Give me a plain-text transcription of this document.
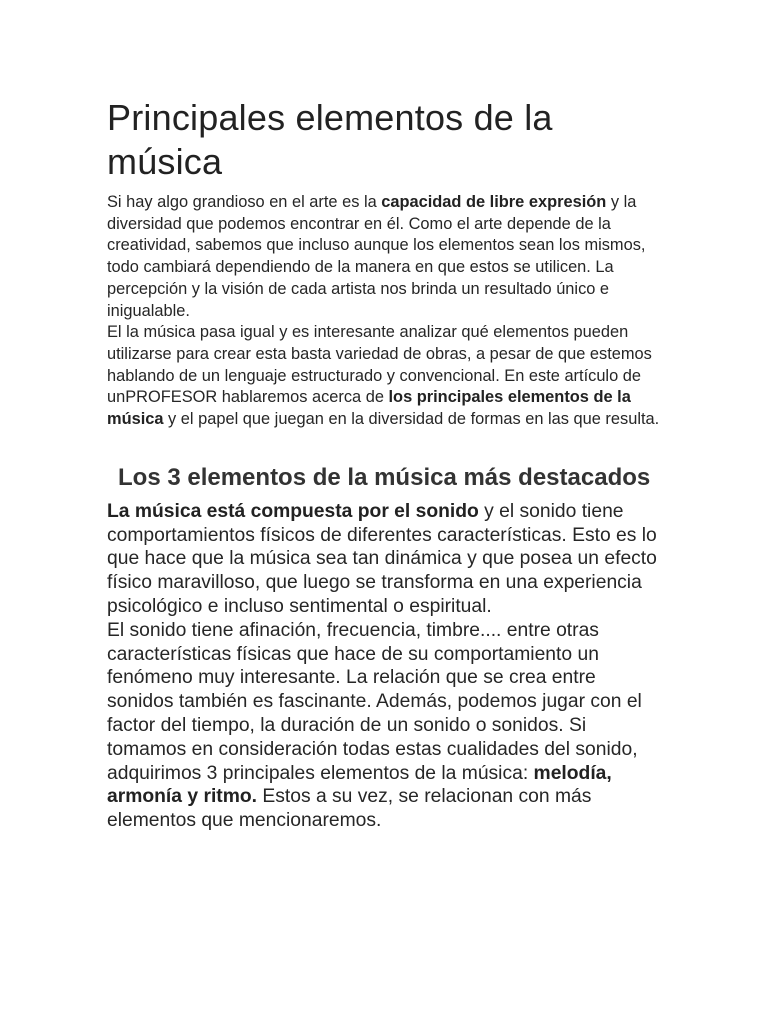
Principales elementos de la música

Si hay algo grandioso en el arte es la capacidad de libre expresión y la diversidad que podemos encontrar en él. Como el arte depende de la creatividad, sabemos que incluso aunque los elementos sean los mismos, todo cambiará dependiendo de la manera en que estos se utilicen. La percepción y la visión de cada artista nos brinda un resultado único e inigualable.

El la música pasa igual y es interesante analizar qué elementos pueden utilizarse para crear esta basta variedad de obras, a pesar de que estemos hablando de un lenguaje estructurado y convencional. En este artículo de unPROFESOR hablaremos acerca de los principales elementos de la música y el papel que juegan en la diversidad de formas en las que resulta.

Los 3 elementos de la música más destacados

La música está compuesta por el sonido y el sonido tiene comportamientos físicos de diferentes características. Esto es lo que hace que la música sea tan dinámica y que posea un efecto físico maravilloso, que luego se transforma en una experiencia psicológico e incluso sentimental o espiritual.

El sonido tiene afinación, frecuencia, timbre.... entre otras características físicas que hace de su comportamiento un fenómeno muy interesante. La relación que se crea entre sonidos también es fascinante. Además, podemos jugar con el factor del tiempo, la duración de un sonido o sonidos. Si tomamos en consideración todas estas cualidades del sonido, adquirimos 3 principales elementos de la música: melodía, armonía y ritmo. Estos a su vez, se relacionan con más elementos que mencionaremos.
